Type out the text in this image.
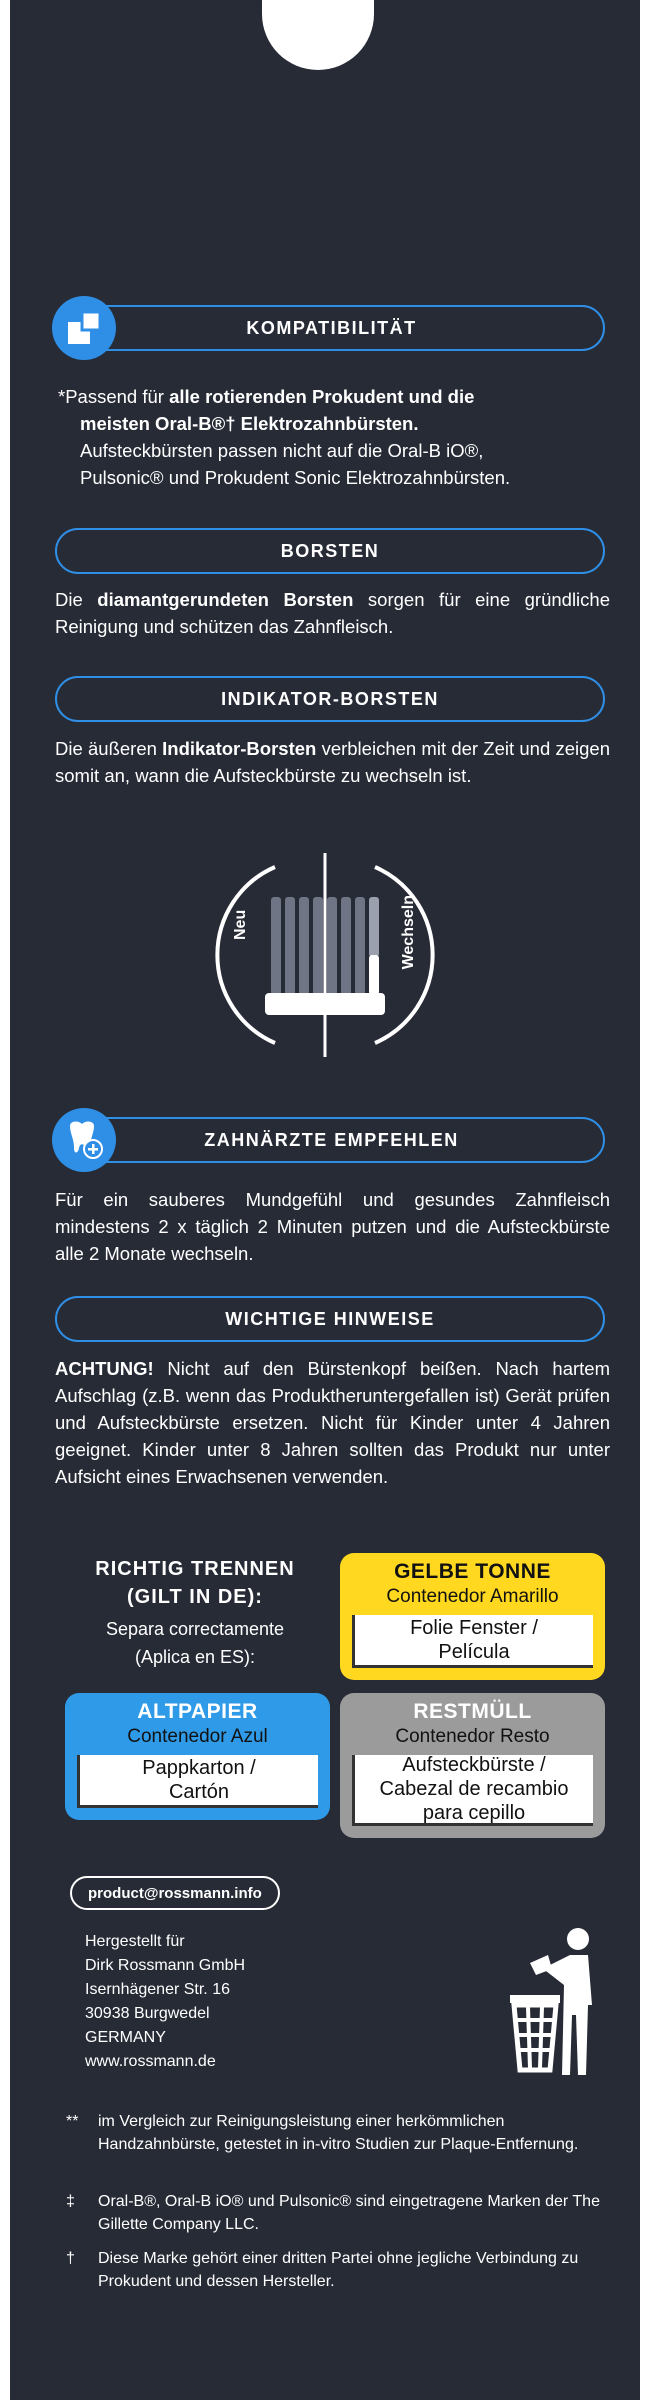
KOMPATIBILITÄT
*Passend für alle rotierenden Prokudent und die
meisten Oral-B®† Elektrozahnbürsten.
Aufsteckbürsten passen nicht auf die Oral-B iO®,
Pulsonic® und Prokudent Sonic Elektrozahnbürsten.
BORSTEN
Die diamantgerundeten Borsten sorgen für eine gründliche Reinigung und schützen das Zahnfleisch.
INDIKATOR-BORSTEN
Die äußeren Indikator-Borsten verbleichen mit der Zeit und zeigen somit an, wann die Aufsteckbürste zu wechseln ist.
Neu	Wechseln
ZAHNÄRZTE EMPFEHLEN
Für ein sauberes Mundgefühl und gesundes Zahnfleisch mindestens 2 x täglich 2 Minuten putzen und die Aufsteckbürste alle 2 Monate wechseln.
WICHTIGE HINWEISE
ACHTUNG! Nicht auf den Bürstenkopf beißen. Nach hartem Aufschlag (z.B. wenn das Produktheruntergefallen ist) Gerät prüfen und Aufsteckbürste ersetzen. Nicht für Kinder unter 4 Jahren geeignet. Kinder unter 8 Jahren sollten das Produkt nur unter Aufsicht eines Erwachsenen verwenden.
RICHTIG TRENNEN
(GILT IN DE):
Separa correctamente
(Aplica en ES):
GELBE TONNE
Contenedor Amarillo
Folie Fenster /
Película
ALTPAPIER
Contenedor Azul
Pappkarton /
Cartón
RESTMÜLL
Contenedor Resto
Aufsteckbürste /
Cabezal de recambio
para cepillo
product@rossmann.info
Hergestellt für
Dirk Rossmann GmbH
Isernhägener Str. 16
30938 Burgwedel
GERMANY
www.rossmann.de
**	im Vergleich zur Reinigungsleistung einer herkömmlichen Handzahnbürste, getestet in in-vitro Studien zur Plaque-Entfernung.
‡	Oral-B®, Oral-B iO® und Pulsonic® sind eingetragene Marken der The Gillette Company LLC.
†	Diese Marke gehört einer dritten Partei ohne jegliche Verbindung zu Prokudent und dessen Hersteller.
